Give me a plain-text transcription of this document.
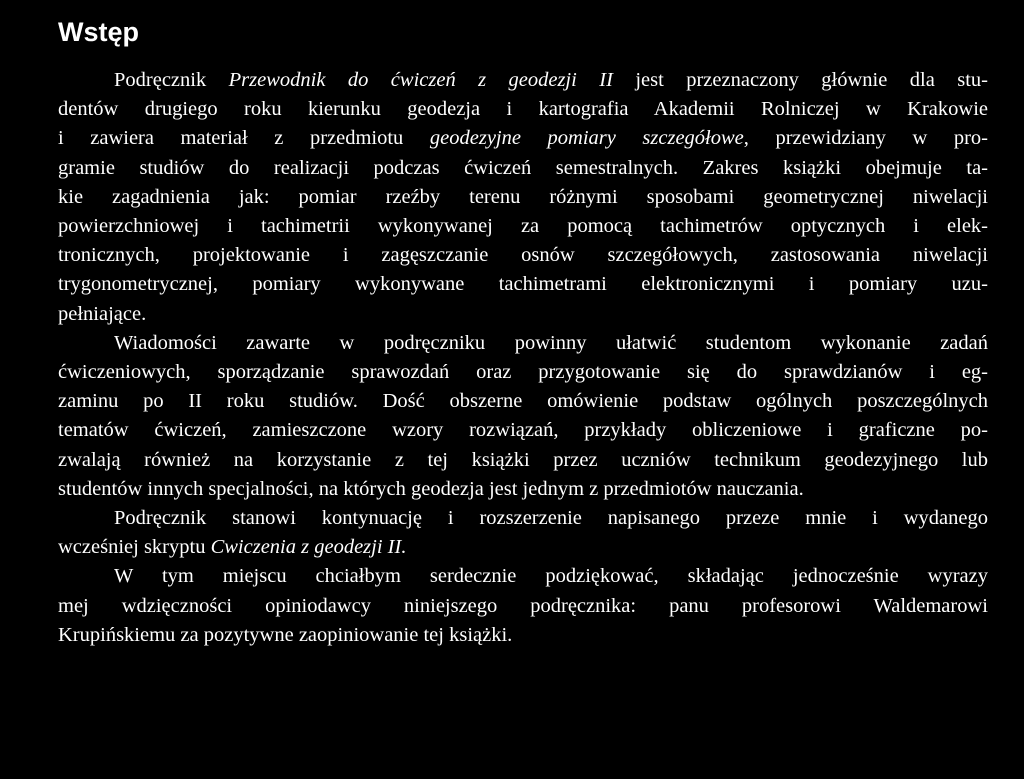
Wstęp
Podręcznik Przewodnik do ćwiczeń z geodezji II jest przeznaczony głównie dla stu-
dentów drugiego roku kierunku geodezja i kartografia Akademii Rolniczej w Krakowie
i zawiera materiał z przedmiotu geodezyjne pomiary szczegółowe, przewidziany w pro-
gramie studiów do realizacji podczas ćwiczeń semestralnych. Zakres książki obejmuje ta-
kie zagadnienia jak: pomiar rzeźby terenu różnymi sposobami geometrycznej niwelacji
powierzchniowej i tachimetrii wykonywanej za pomocą tachimetrów optycznych i elek-
tronicznych, projektowanie i zagęszczanie osnów szczegółowych, zastosowania niwelacji
trygonometrycznej, pomiary wykonywane tachimetrami elektronicznymi i pomiary uzu-
pełniające.
Wiadomości zawarte w podręczniku powinny ułatwić studentom wykonanie zadań
ćwiczeniowych, sporządzanie sprawozdań oraz przygotowanie się do sprawdzianów i eg-
zaminu po II roku studiów. Dość obszerne omówienie podstaw ogólnych poszczególnych
tematów ćwiczeń, zamieszczone wzory rozwiązań, przykłady obliczeniowe i graficzne po-
zwalają również na korzystanie z tej książki przez uczniów technikum geodezyjnego lub
studentów innych specjalności, na których geodezja jest jednym z przedmiotów nauczania.
Podręcznik stanowi kontynuację i rozszerzenie napisanego przeze mnie i wydanego
wcześniej skryptu Cwiczenia z geodezji II.
W tym miejscu chciałbym serdecznie podziękować, składając jednocześnie wyrazy
mej wdzięczności opiniodawcy niniejszego podręcznika: panu profesorowi Waldemarowi
Krupińskiemu za pozytywne zaopiniowanie tej książki.
